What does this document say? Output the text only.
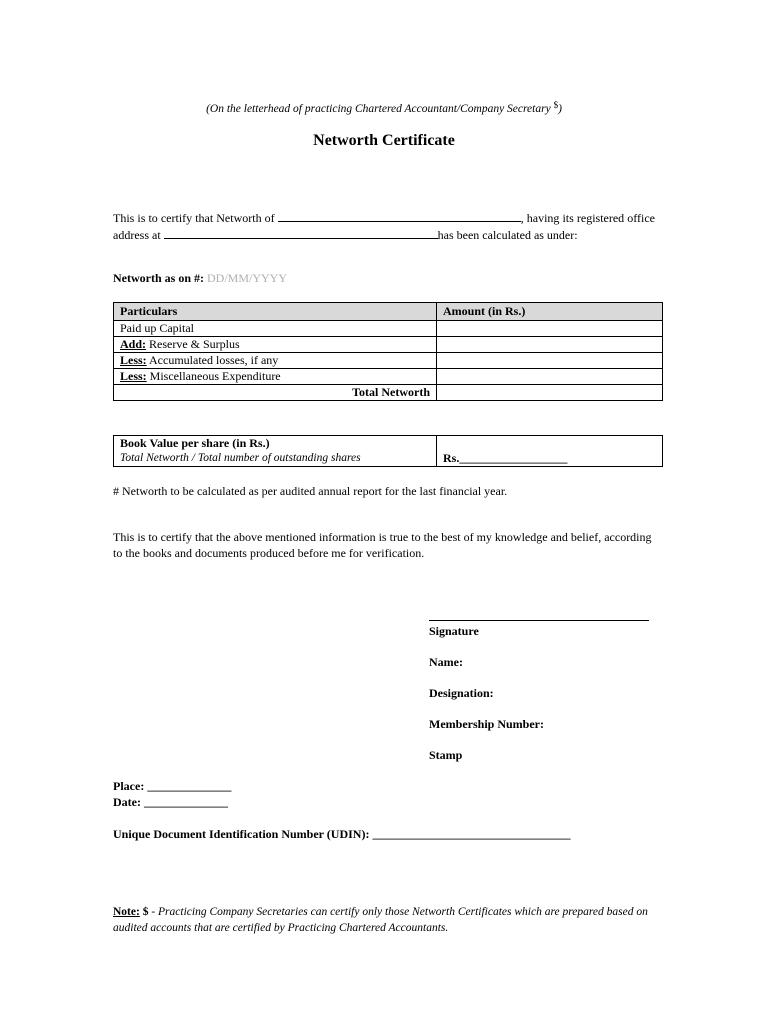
(On the letterhead of practicing Chartered Accountant/Company Secretary $)
Networth Certificate
This is to certify that Networth of	, having its registered office address at	has been calculated as under:
Networth as on #: DD/MM/YYYY
Particulars	Amount (in Rs.)
Paid up Capital	
Add: Reserve & Surplus	
Less: Accumulated losses, if any	
Less: Miscellaneous Expenditure	
Total Networth	
Book Value per share (in Rs.)
Total Networth / Total number of outstanding shares	Rs.__________________
# Networth to be calculated as per audited annual report for the last financial year.
This is to certify that the above mentioned information is true to the best of my knowledge and belief, according to the books and documents produced before me for verification.
Signature
Name:
Designation:
Membership Number:
Stamp
Place: ______________
Date: ______________
Unique Document Identification Number (UDIN): _________________________________
Note: $ - Practicing Company Secretaries can certify only those Networth Certificates which are prepared based on audited accounts that are certified by Practicing Chartered Accountants.
